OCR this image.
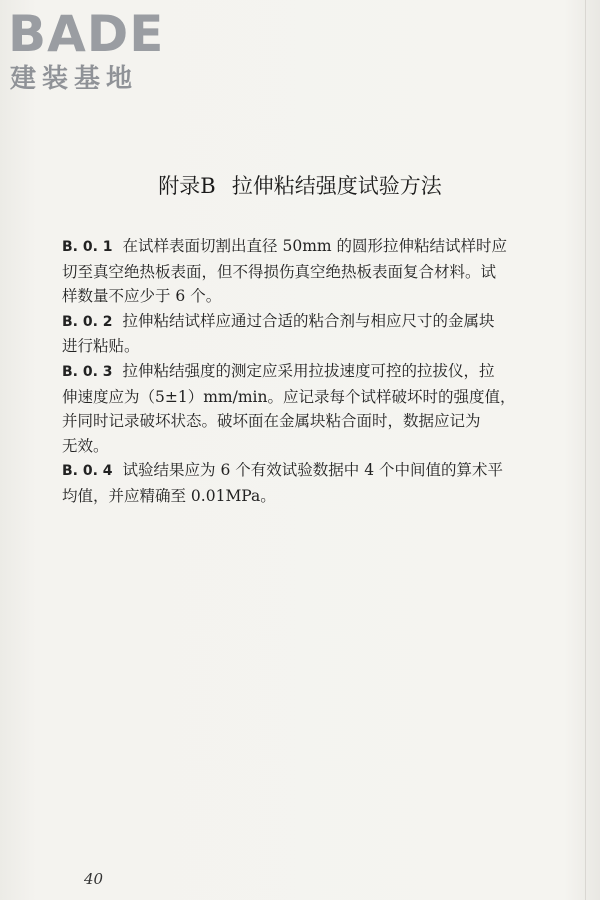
BADE
建装基地
附录B 拉伸粘结强度试验方法

B. 0. 1 在试样表面切割出直径 50mm 的圆形拉伸粘结试样时应
切至真空绝热板表面，但不得损伤真空绝热板表面复合材料。试
样数量不应少于 6 个。

B. 0. 2 拉伸粘结试样应通过合适的粘合剂与相应尺寸的金属块
进行粘贴。

B. 0. 3 拉伸粘结强度的测定应采用拉拔速度可控的拉拔仪，拉
伸速度应为（5±1）mm/min。应记录每个试样破坏时的强度值，
并同时记录破坏状态。破坏面在金属块粘合面时，数据应记为
无效。

B. 0. 4 试验结果应为 6 个有效试验数据中 4 个中间值的算术平
均值，并应精确至 0.01MPa。

40
